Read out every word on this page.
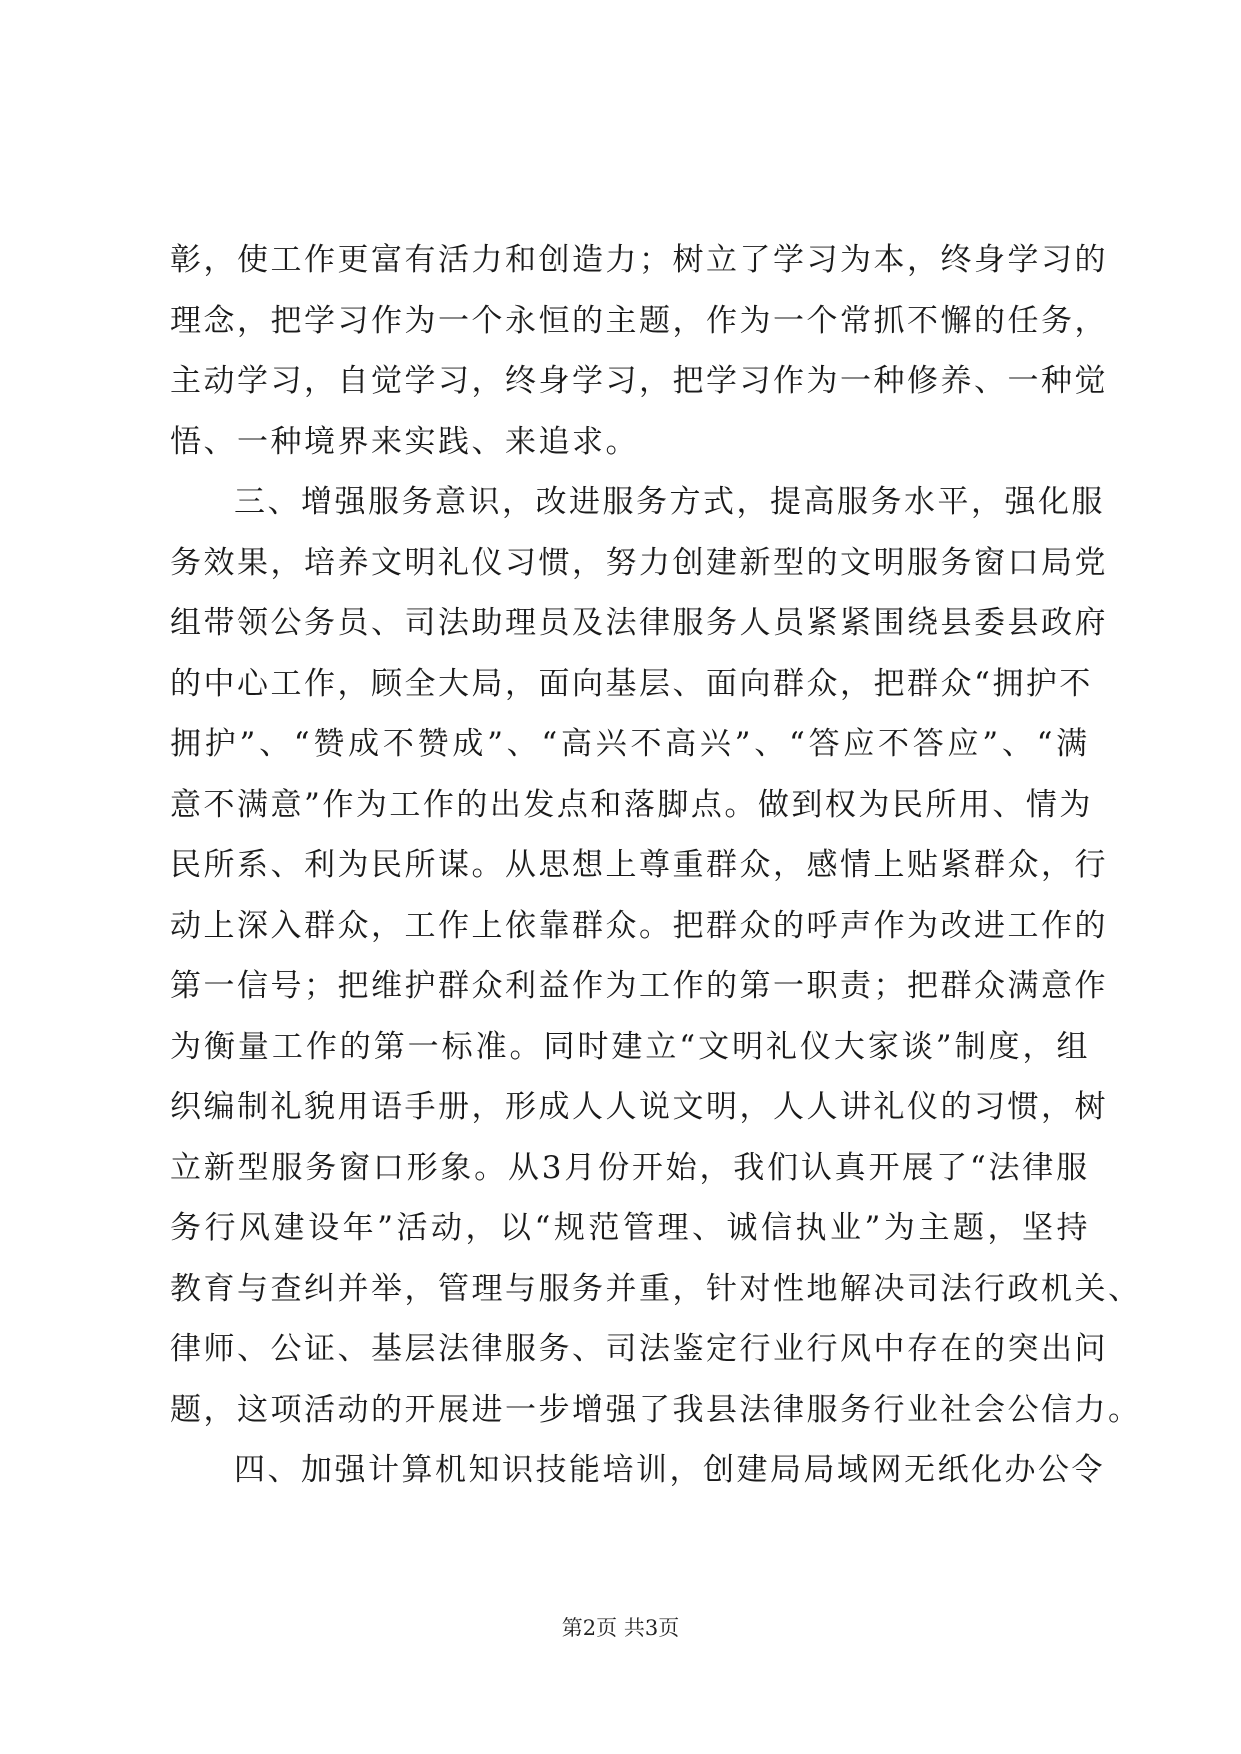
彰 ， 使 工 作 更 富 有 活 力 和 创 造 力 ； 树 立 了 学 习 为 本 ， 终 身 学 习 的
理 念 ， 把 学 习 作 为 一 个 永 恒 的 主 题 ， 作 为 一 个 常 抓 不 懈 的 任 务 ，
主 动 学 习 ， 自 觉 学 习 ， 终 身 学 习 ， 把 学 习 作 为 一 种 修 养 、 一 种 觉
悟、一种境界来实践、来追求。
三 、 增 强 服 务 意 识 ， 改 进 服 务 方 式 ， 提 高 服 务 水 平 ， 强 化 服
务 效 果 ， 培 养 文 明 礼 仪 习 惯 ， 努 力 创 建 新 型 的 文 明 服 务 窗 口 局 党
组 带 领 公 务 员 、 司 法 助 理 员 及 法 律 服 务 人 员 紧 紧 围 绕 县 委 县 政 府
的 中 心 工 作 ， 顾 全 大 局 ， 面 向 基 层 、 面 向 群 众 ， 把 群 众 “ 拥 护 不
拥 护 ” 、 “ 赞 成 不 赞 成 ” 、 “ 高 兴 不 高 兴 ” 、 “ 答 应 不 答 应 ” 、 “ 满
意 不 满 意 ” 作 为 工 作 的 出 发 点 和 落 脚 点 。 做 到 权 为 民 所 用 、 情 为
民 所 系 、 利 为 民 所 谋 。 从 思 想 上 尊 重 群 众 ， 感 情 上 贴 紧 群 众 ， 行
动 上 深 入 群 众 ， 工 作 上 依 靠 群 众 。 把 群 众 的 呼 声 作 为 改 进 工 作 的
第 一 信 号 ； 把 维 护 群 众 利 益 作 为 工 作 的 第 一 职 责 ； 把 群 众 满 意 作
为 衡 量 工 作 的 第 一 标 准 。 同 时 建 立 “ 文 明 礼 仪 大 家 谈 ” 制 度 ， 组
织 编 制 礼 貌 用 语 手 册 ， 形 成 人 人 说 文 明 ， 人 人 讲 礼 仪 的 习 惯 ， 树
立 新 型 服 务 窗 口 形 象 。 从 3 月 份 开 始 ， 我 们 认 真 开 展 了 “ 法 律 服
务 行 风 建 设 年 ” 活 动 ， 以 “ 规 范 管 理 、 诚 信 执 业 ” 为 主 题 ， 坚 持
教 育 与 查 纠 并 举 ， 管 理 与 服 务 并 重 ， 针 对 性 地 解 决 司 法 行 政 机 关 、
律 师 、 公 证 、 基 层 法 律 服 务 、 司 法 鉴 定 行 业 行 风 中 存 在 的 突 出 问
题 ， 这 项 活 动 的 开 展 进 一 步 增 强 了 我 县 法 律 服 务 行 业 社 会 公 信 力 。
四 、 加 强 计 算 机 知 识 技 能 培 训 ， 创 建 局 局 域 网 无 纸 化 办 公 令
第2页 共3页
